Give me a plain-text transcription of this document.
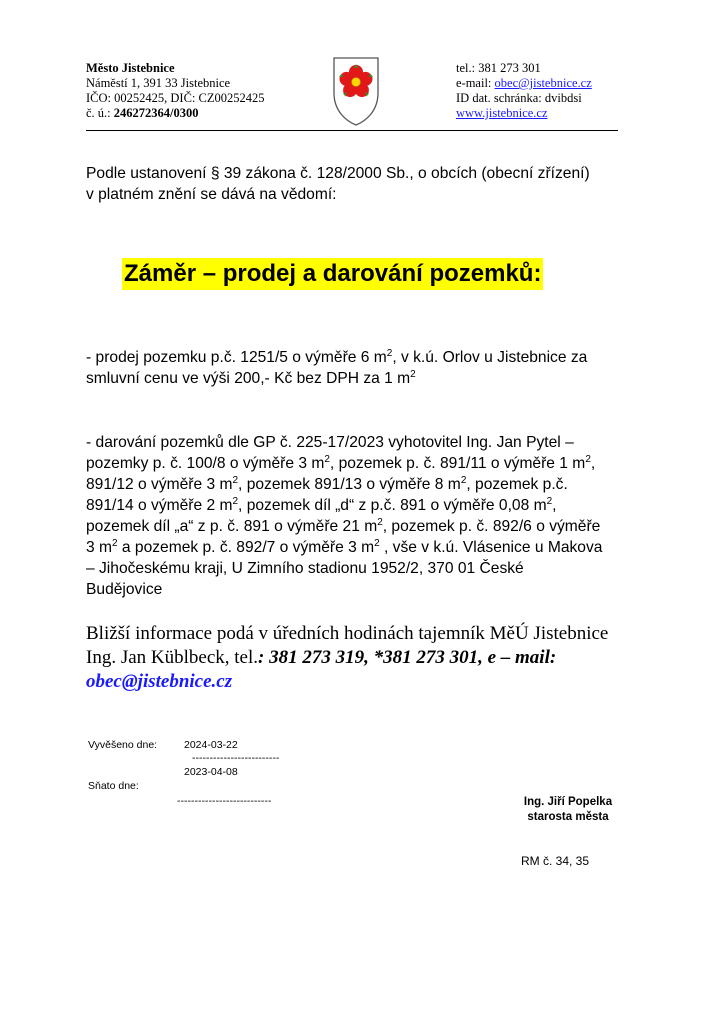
Město Jistebnice
Náměstí 1, 391 33 Jistebnice
IČO: 00252425, DIČ: CZ00252425
č. ú.: 246272364/0300
tel.: 381 273 301
e-mail: obec@jistebnice.cz
ID dat. schránka: dvibdsi
www.jistebnice.cz
Podle ustanovení § 39 zákona č. 128/2000 Sb., o obcích (obecní zřízení)
v platném znění se dává na vědomí:
Záměr – prodej a darování pozemků:
- prodej pozemku p.č. 1251/5 o výměře 6 $m^2$, v k.ú. Orlov u Jistebnice za
smluvní cenu ve výši 200,- Kč bez DPH za 1 $m^2$
- darování pozemků dle GP č. 225-17/2023 vyhotovitel Ing. Jan Pytel –
pozemky p. č. 100/8 o výměře 3 $m^2$, pozemek p. č. 891/11 o výměře 1 $m^2$,
891/12 o výměře 3 $m^2$, pozemek 891/13 o výměře 8 $m^2$, pozemek p.č.
891/14 o výměře 2 $m^2$, pozemek díl „d“ z p.č. 891 o výměře 0,08 $m^2$,
pozemek díl „a“ z p. č. 891 o výměře 21 $m^2$, pozemek p. č. 892/6 o výměře
3 $m^2$ a pozemek p. č. 892/7 o výměře 3 $m^2$ , vše v k.ú. Vlásenice u Makova
– Jihočeskému kraji, U Zimního stadionu 1952/2, 370 01 České
Budějovice
Bližší informace podá v úředních hodinách tajemník MěÚ Jistebnice
Ing. Jan Küblbeck, tel.: 381 273 319, *381 273 301, e – mail:
obec@jistebnice.cz
Vyvěšeno dne:	2024-03-22
-------------------------
2023-04-08
Sňato dne:
---------------------------	Ing. Jiří Popelka
starosta města
RM č. 34, 35
